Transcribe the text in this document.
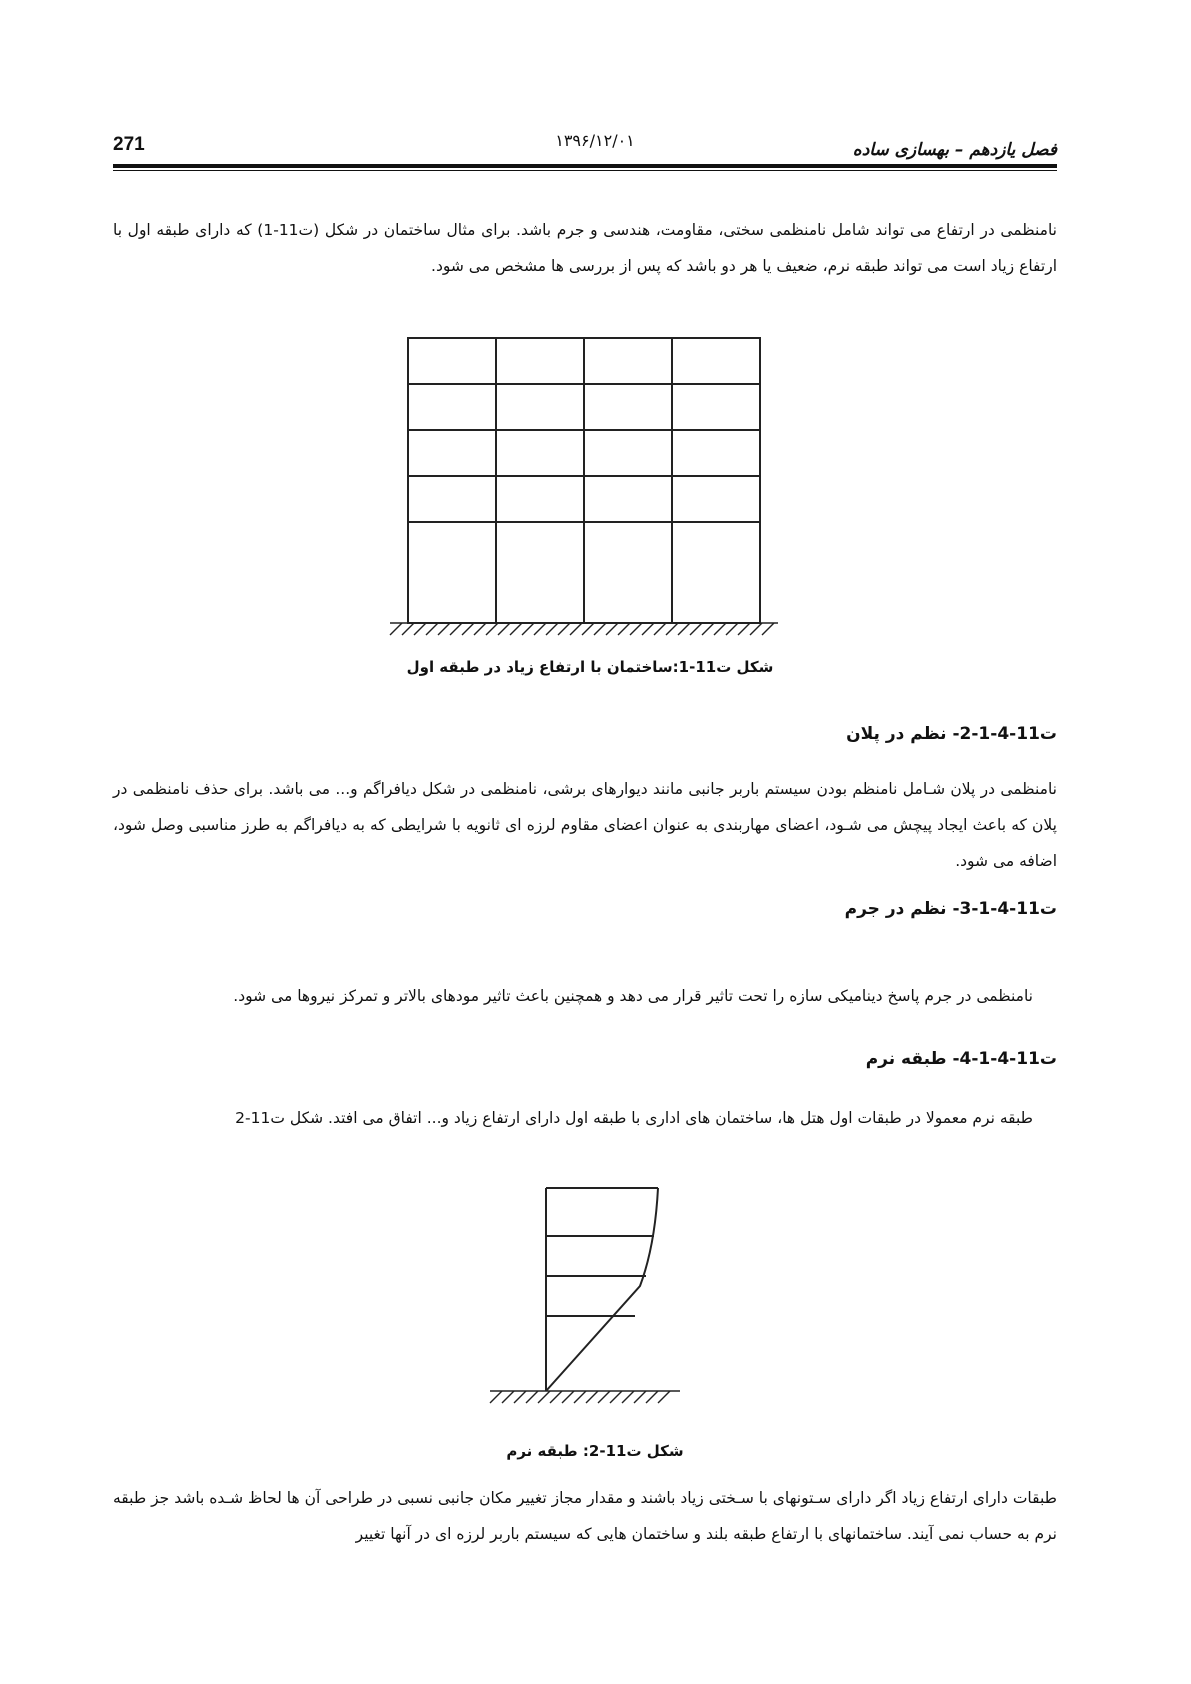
271	۱۳۹۶/۱۲/۰۱	فصل یازدهم – بهسازی ساده
نامنظمی در ارتفاع می تواند شامل نامنظمی سختی، مقاومت، هندسی و جرم باشد. برای مثال ساختمان در شکل (ت11-1) که دارای طبقه اول با ارتفاع زیاد است می تواند طبقه نرم، ضعیف یا هر دو باشد که پس از بررسی ها مشخص می شود.
شکل ت11-1:ساختمان با ارتفاع زیاد در طبقه اول
ت11-4-1-2- نظم در پلان
نامنظمی در پلان شـامل نامنظم بودن سیستم باربر جانبی مانند دیوارهای برشی، نامنظمی در شکل دیافراگم و... می باشد. برای حذف نامنظمی در پلان که باعث ایجاد پیچش می شـود، اعضای مهاربندی به عنوان اعضای مقاوم لرزه ای ثانویه با شرایطی که به دیافراگم به طرز مناسبی وصل شود، اضافه می شود.
ت11-4-1-3- نظم در جرم
نامنظمی در جرم پاسخ دینامیکی سازه را تحت تاثیر قرار می دهد و همچنین باعث تاثیر مودهای بالاتر و تمرکز نیروها می شود.
ت11-4-1-4- طبقه نرم
طبقه نرم معمولا در طبقات اول هتل ها، ساختمان های اداری با طبقه اول دارای ارتفاع زیاد و... اتفاق می افتد. شکل ت11-2
شکل ت11-2: طبقه نرم
طبقات دارای ارتفاع زیاد اگر دارای سـتونهای با سـختی زیاد باشند و مقدار مجاز تغییر مکان جانبی نسبی در طراحی آن ها لحاظ شـده باشد جز طبقه نرم به حساب نمی آیند. ساختمانهای با ارتفاع طبقه بلند و ساختمان هایی که سیستم باربر لرزه ای در آنها تغییر
